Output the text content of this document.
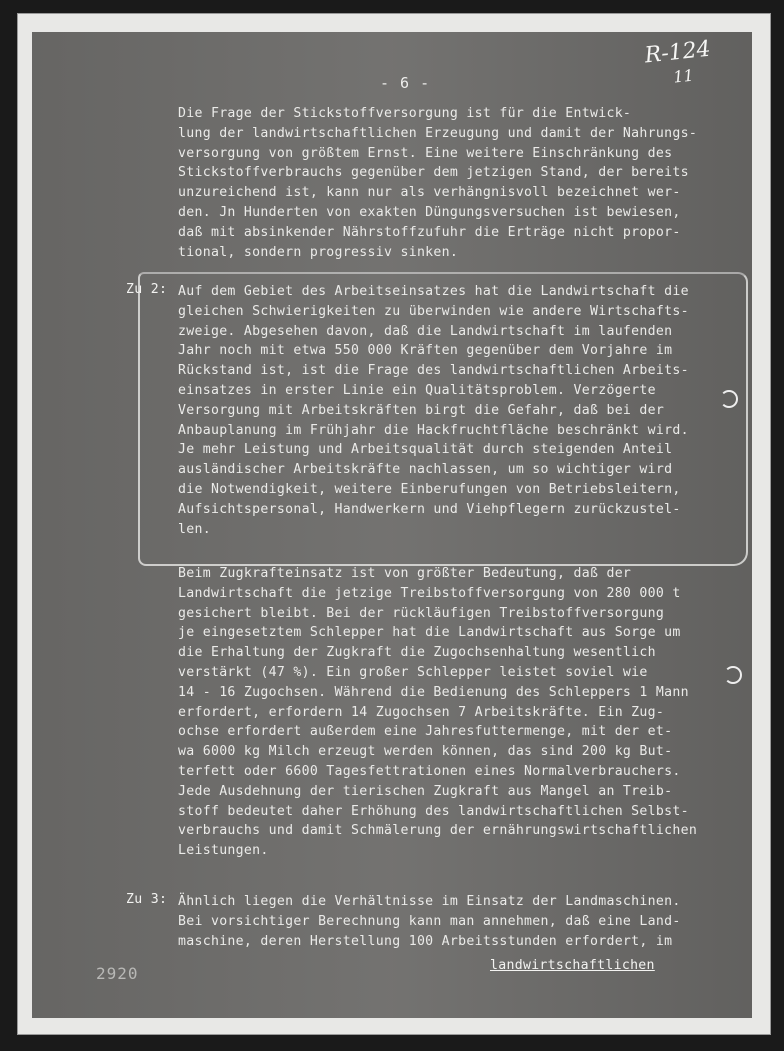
R-124
11
- 6 -
Die Frage der Stickstoffversorgung ist für die Entwick-
lung der landwirtschaftlichen Erzeugung und damit der Nahrungs-
versorgung von größtem Ernst. Eine weitere Einschränkung des
Stickstoffverbrauchs gegenüber dem jetzigen Stand, der bereits
unzureichend ist, kann nur als verhängnisvoll bezeichnet wer-
den. Jn Hunderten von exakten Düngungsversuchen ist bewiesen,
daß mit absinkender Nährstoffzufuhr die Erträge nicht propor-
tional, sondern progressiv sinken.
Zu 2: Auf dem Gebiet des Arbeitseinsatzes hat die Landwirtschaft die
gleichen Schwierigkeiten zu überwinden wie andere Wirtschafts-
zweige. Abgesehen davon, daß die Landwirtschaft im laufenden
Jahr noch mit etwa 550 000 Kräften gegenüber dem Vorjahre im
Rückstand ist, ist die Frage des landwirtschaftlichen Arbeits-
einsatzes in erster Linie ein Qualitätsproblem. Verzögerte
Versorgung mit Arbeitskräften birgt die Gefahr, daß bei der
Anbauplanung im Frühjahr die Hackfruchtfläche beschränkt wird.
Je mehr Leistung und Arbeitsqualität durch steigenden Anteil
ausländischer Arbeitskräfte nachlassen, um so wichtiger wird
die Notwendigkeit, weitere Einberufungen von Betriebsleitern,
Aufsichtspersonal, Handwerkern und Viehpflegern zurückzustel-
len.
Beim Zugkrafteinsatz ist von größter Bedeutung, daß der
Landwirtschaft die jetzige Treibstoffversorgung von 280 000 t
gesichert bleibt. Bei der rückläufigen Treibstoffversorgung
je eingesetztem Schlepper hat die Landwirtschaft aus Sorge um
die Erhaltung der Zugkraft die Zugochsenhaltung wesentlich
verstärkt (47 %). Ein großer Schlepper leistet soviel wie
14 - 16 Zugochsen. Während die Bedienung des Schleppers 1 Mann
erfordert, erfordern 14 Zugochsen 7 Arbeitskräfte. Ein Zug-
ochse erfordert außerdem eine Jahresfuttermenge, mit der et-
wa 6000 kg Milch erzeugt werden können, das sind 200 kg But-
terfett oder 6600 Tagesfettrationen eines Normalverbrauchers.
Jede Ausdehnung der tierischen Zugkraft aus Mangel an Treib-
stoff bedeutet daher Erhöhung des landwirtschaftlichen Selbst-
verbrauchs und damit Schmälerung der ernährungswirtschaftlichen
Leistungen.
Zu 3: Ähnlich liegen die Verhältnisse im Einsatz der Landmaschinen.
Bei vorsichtiger Berechnung kann man annehmen, daß eine Land-
maschine, deren Herstellung 100 Arbeitsstunden erfordert, im
2920	landwirtschaftlichen
